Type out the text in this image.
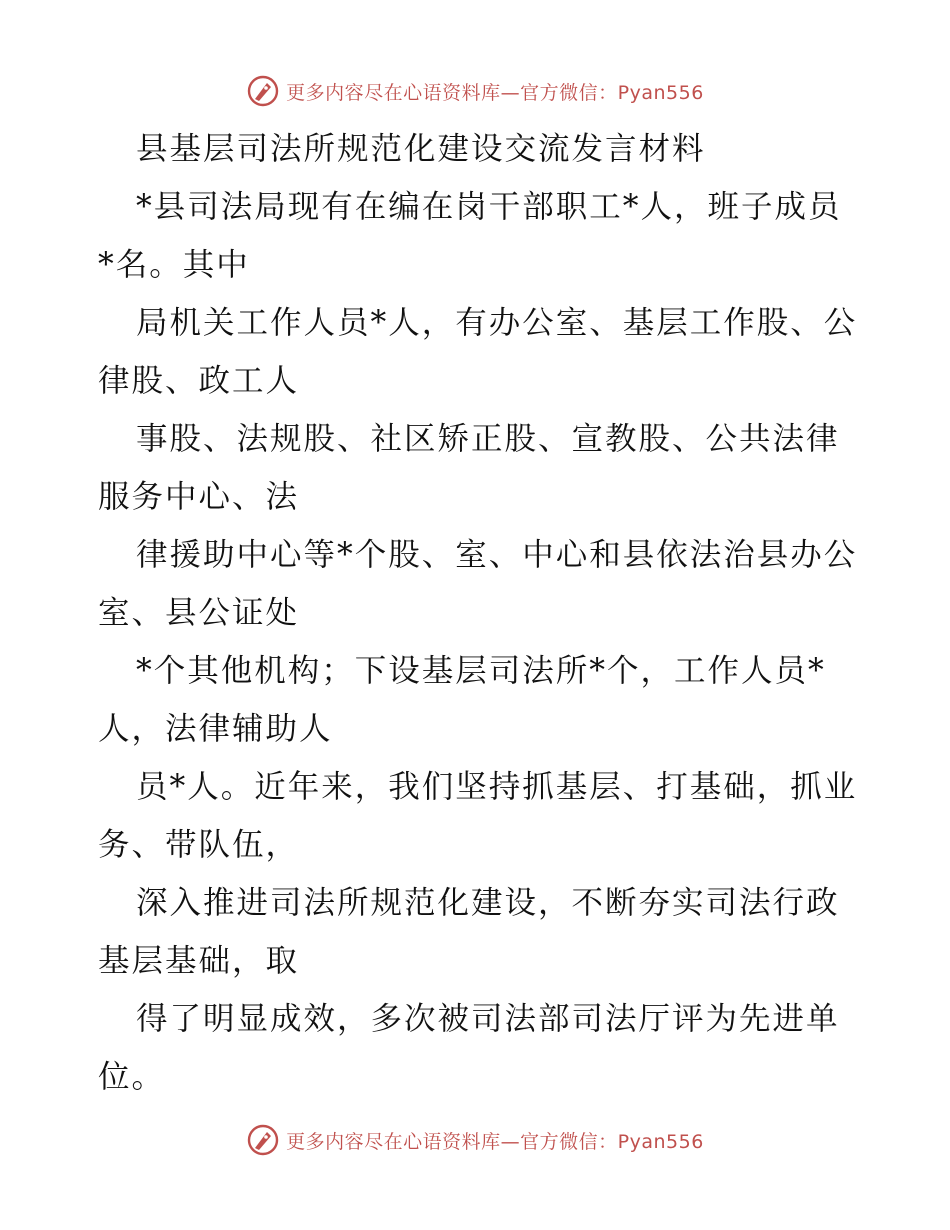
更多内容尽在心语资料库—官方微信：Pyan556

县基层司法所规范化建设交流发言材料

*县司法局现有在编在岗干部职工*人，班子成员*名。其中

局机关工作人员*人，有办公室、基层工作股、公律股、政工人

事股、法规股、社区矫正股、宣教股、公共法律服务中心、法

律援助中心等*个股、室、中心和县依法治县办公室、县公证处

*个其他机构；下设基层司法所*个，工作人员*人，法律辅助人

员*人。近年来，我们坚持抓基层、打基础，抓业务、带队伍，

深入推进司法所规范化建设，不断夯实司法行政基层基础，取

得了明显成效，多次被司法部司法厅评为先进单位。

更多内容尽在心语资料库—官方微信：Pyan556
